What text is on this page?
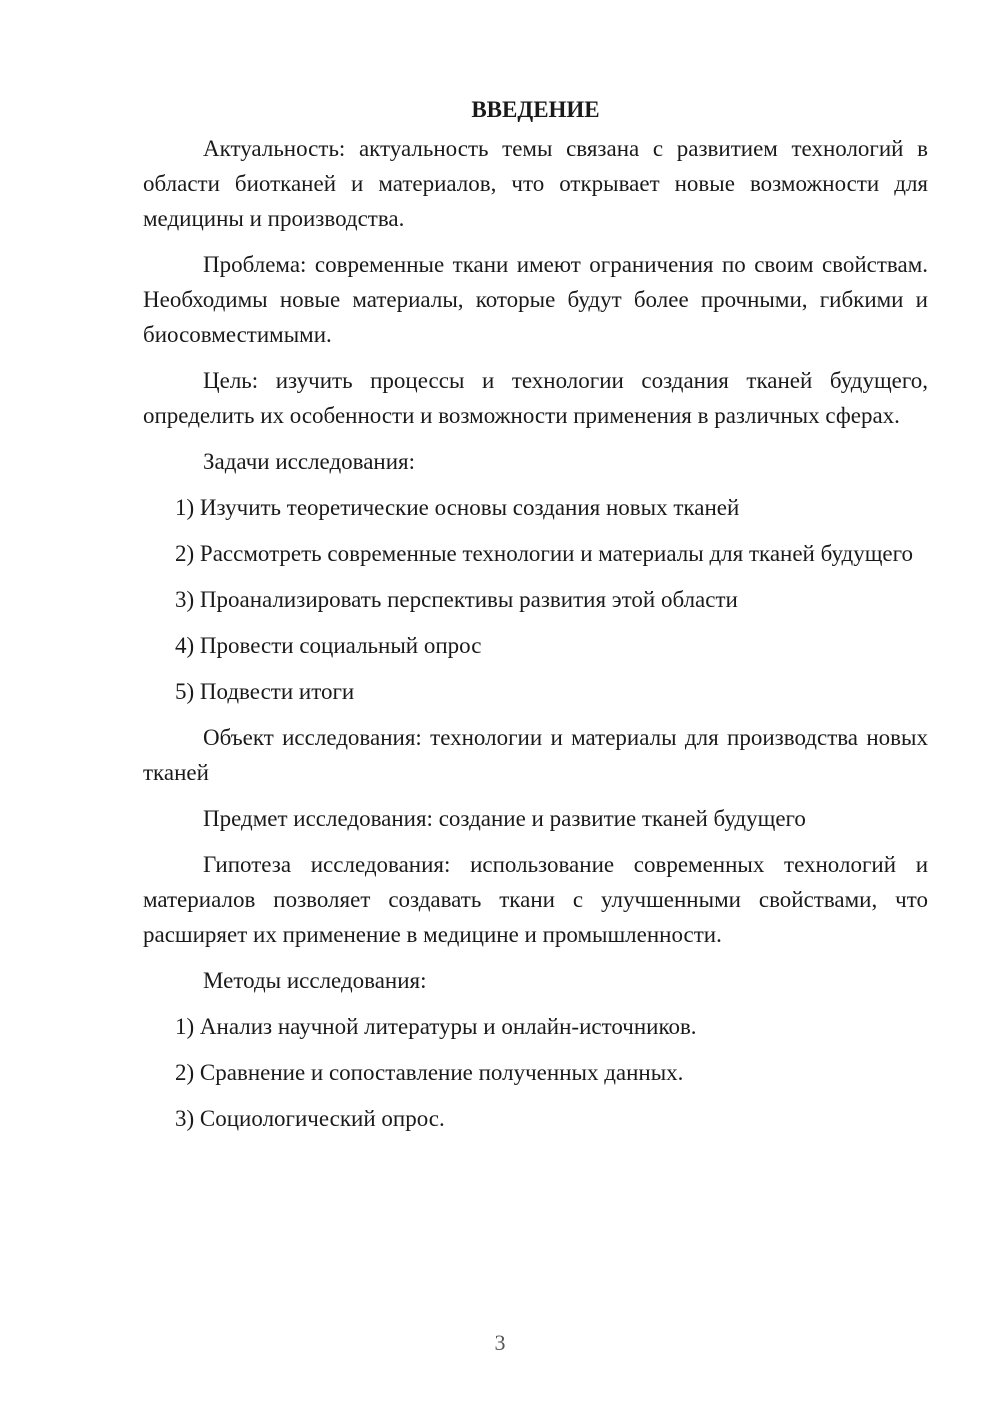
ВВЕДЕНИЕ

Актуальность: актуальность темы связана с развитием технологий в области биотканей и материалов, что открывает новые возможности для медицины и производства.

Проблема: современные ткани имеют ограничения по своим свойствам. Необходимы новые материалы, которые будут более прочными, гибкими и биосовместимыми.

Цель: изучить процессы и технологии создания тканей будущего, определить их особенности и возможности применения в различных сферах.

Задачи исследования:

1) Изучить теоретические основы создания новых тканей

2) Рассмотреть современные технологии и материалы для тканей будущего

3) Проанализировать перспективы развития этой области

4) Провести социальный опрос

5) Подвести итоги

Объект исследования: технологии и материалы для производства новых тканей

Предмет исследования: создание и развитие тканей будущего

Гипотеза исследования: использование современных технологий и материалов позволяет создавать ткани с улучшенными свойствами, что расширяет их применение в медицине и промышленности.

Методы исследования:

1) Анализ научной литературы и онлайн-источников.

2) Сравнение и сопоставление полученных данных.

3) Социологический опрос.

3
